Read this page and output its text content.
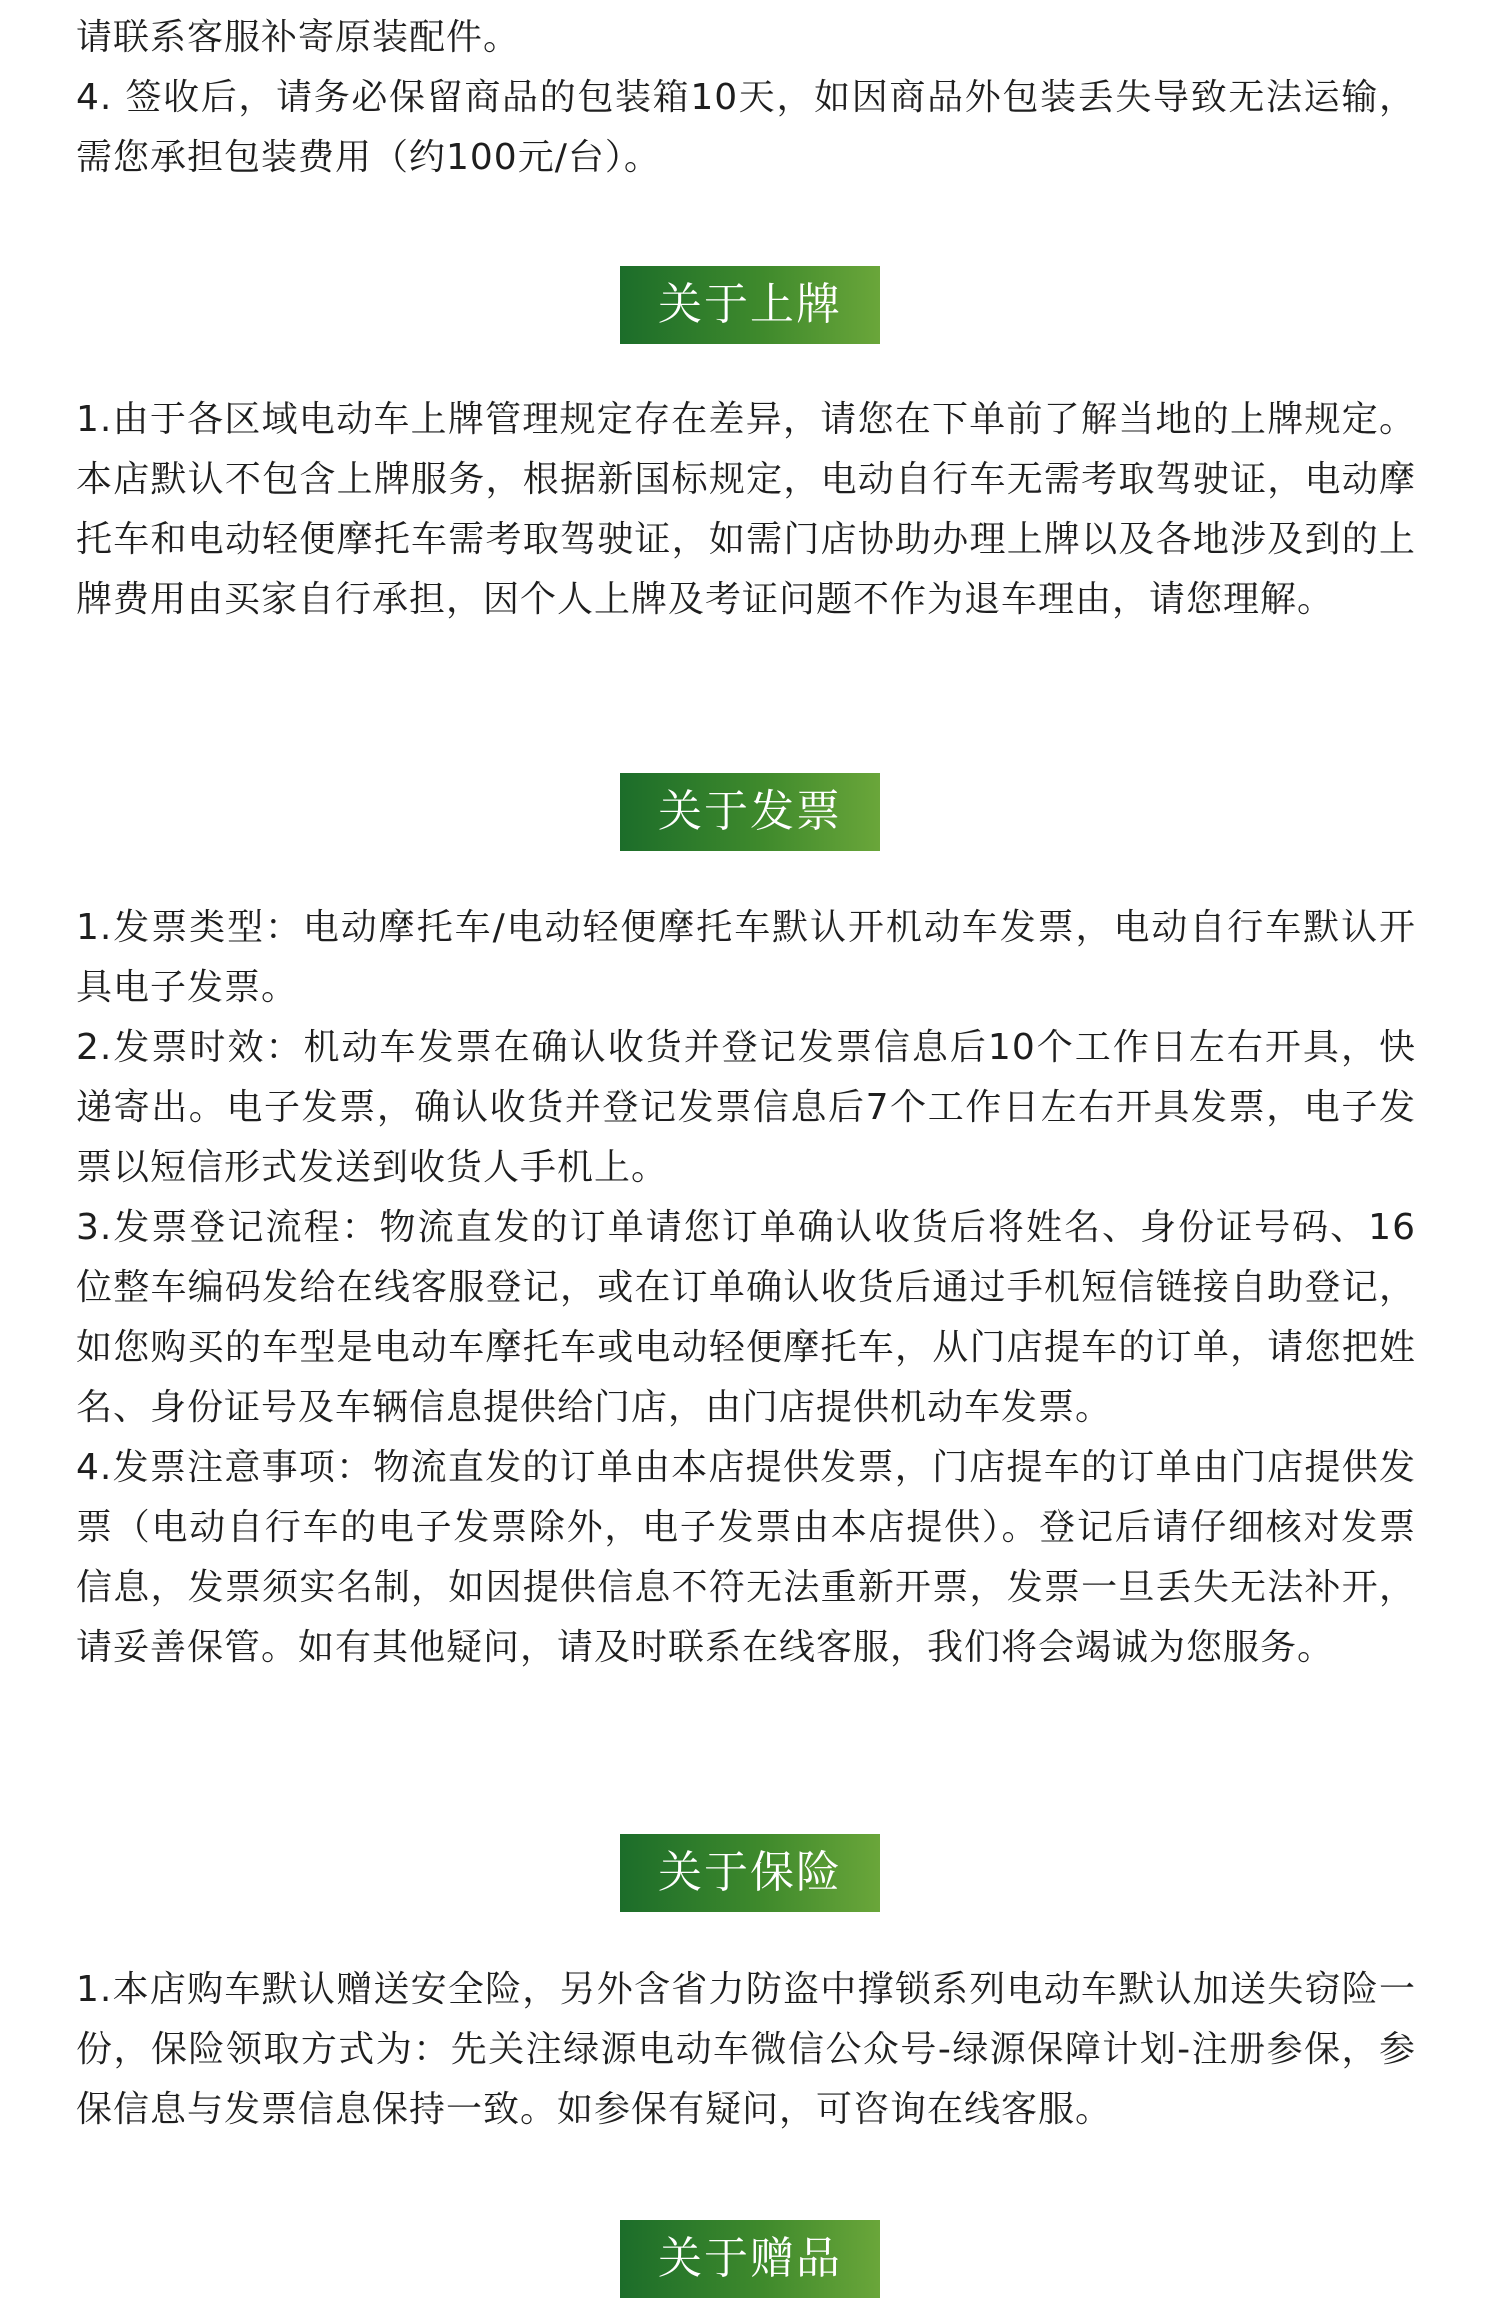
请联系客服补寄原装配件。

4. 签收后，请务必保留商品的包装箱10天，如因商品外包装丢失导致无法运输，需您承担包装费用（约100元/台）。

关于上牌

1.由于各区域电动车上牌管理规定存在差异，请您在下单前了解当地的上牌规定。本店默认不包含上牌服务，根据新国标规定，电动自行车无需考取驾驶证，电动摩托车和电动轻便摩托车需考取驾驶证，如需门店协助办理上牌以及各地涉及到的上牌费用由买家自行承担，因个人上牌及考证问题不作为退车理由，请您理解。

关于发票

1.发票类型：电动摩托车/电动轻便摩托车默认开机动车发票，电动自行车默认开具电子发票。

2.发票时效：机动车发票在确认收货并登记发票信息后10个工作日左右开具，快递寄出。电子发票，确认收货并登记发票信息后7个工作日左右开具发票，电子发票以短信形式发送到收货人手机上。

3.发票登记流程：物流直发的订单请您订单确认收货后将姓名、身份证号码、16位整车编码发给在线客服登记，或在订单确认收货后通过手机短信链接自助登记，如您购买的车型是电动车摩托车或电动轻便摩托车，从门店提车的订单，请您把姓名、身份证号及车辆信息提供给门店，由门店提供机动车发票。

4.发票注意事项：物流直发的订单由本店提供发票，门店提车的订单由门店提供发票（电动自行车的电子发票除外，电子发票由本店提供）。登记后请仔细核对发票信息，发票须实名制，如因提供信息不符无法重新开票，发票一旦丢失无法补开，请妥善保管。如有其他疑问，请及时联系在线客服，我们将会竭诚为您服务。

关于保险

1.本店购车默认赠送安全险，另外含省力防盗中撑锁系列电动车默认加送失窃险一份，保险领取方式为：先关注绿源电动车微信公众号-绿源保障计划-注册参保，参保信息与发票信息保持一致。如参保有疑问，可咨询在线客服。

关于赠品
